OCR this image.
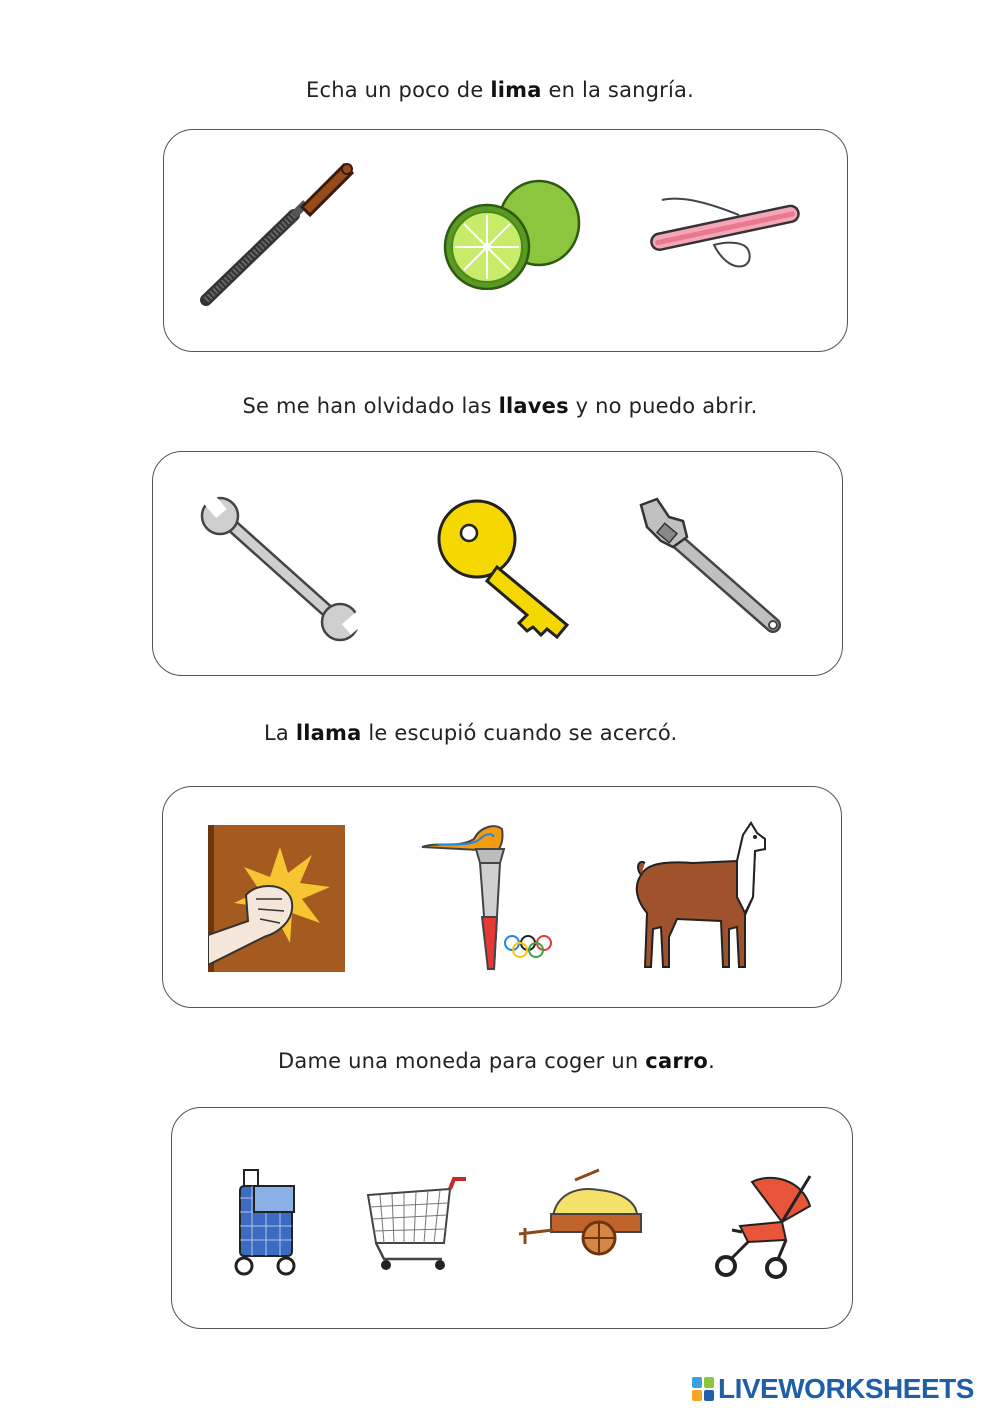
Echa un poco de lima en la sangría.
Se me han olvidado las llaves y no puedo abrir.
La llama le escupió cuando se acercó.
Dame una moneda para coger un carro.
LIVEWORKSHEETS
